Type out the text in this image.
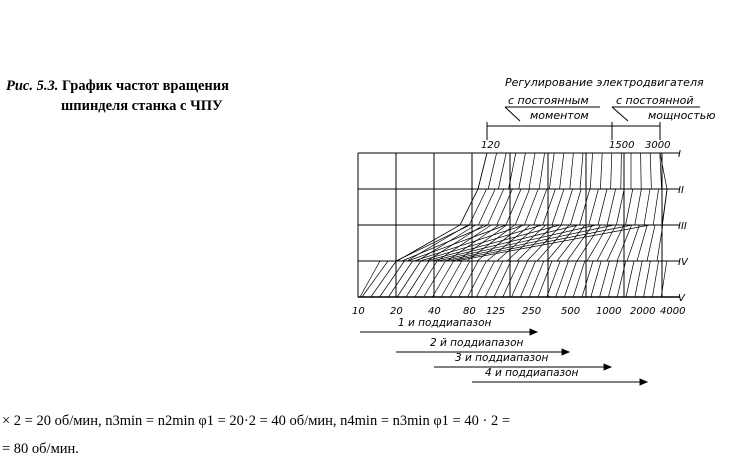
Рис. 5.3. График частот вращения
шпинделя станка с ЧПУ
Регулирование электродвигателя
с постоянным
моментом
с постоянной
мощностью
120	1500 3000
I
II
III
IV
V
10	20	40 80 125 250 500 1000 2000 4000
1 и поддиапазон
2 й поддиапазон
3 и поддиапазон
4 и поддиапазон
× 2 = 20 об/мин, n3min = n2min φ1 = 20·2 = 40 об/мин, n4min = n3min φ1 = 40 · 2 =
= 80 об/мин.
